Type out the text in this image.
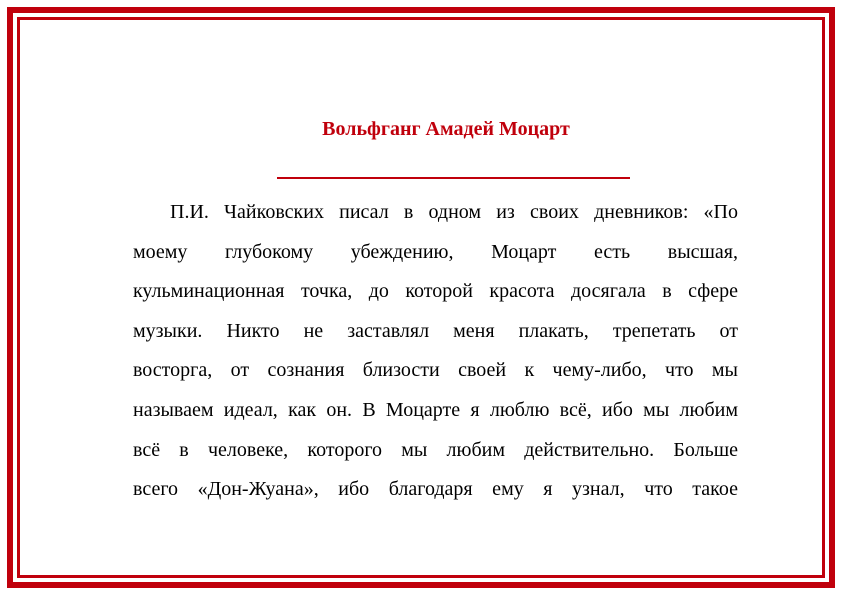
Вольфганг Амадей Моцарт

П.И. Чайковских писал в одном из своих дневников: «По
моему глубокому убеждению, Моцарт есть высшая,
кульминационная точка, до которой красота досягала в сфере
музыки. Никто не заставлял меня плакать, трепетать от
восторга, от сознания близости своей к чему-либо, что мы
называем идеал, как он. В Моцарте я люблю всё, ибо мы любим
всё в человеке, которого мы любим действительно. Больше
всего «Дон-Жуана», ибо благодаря ему я узнал, что такое
